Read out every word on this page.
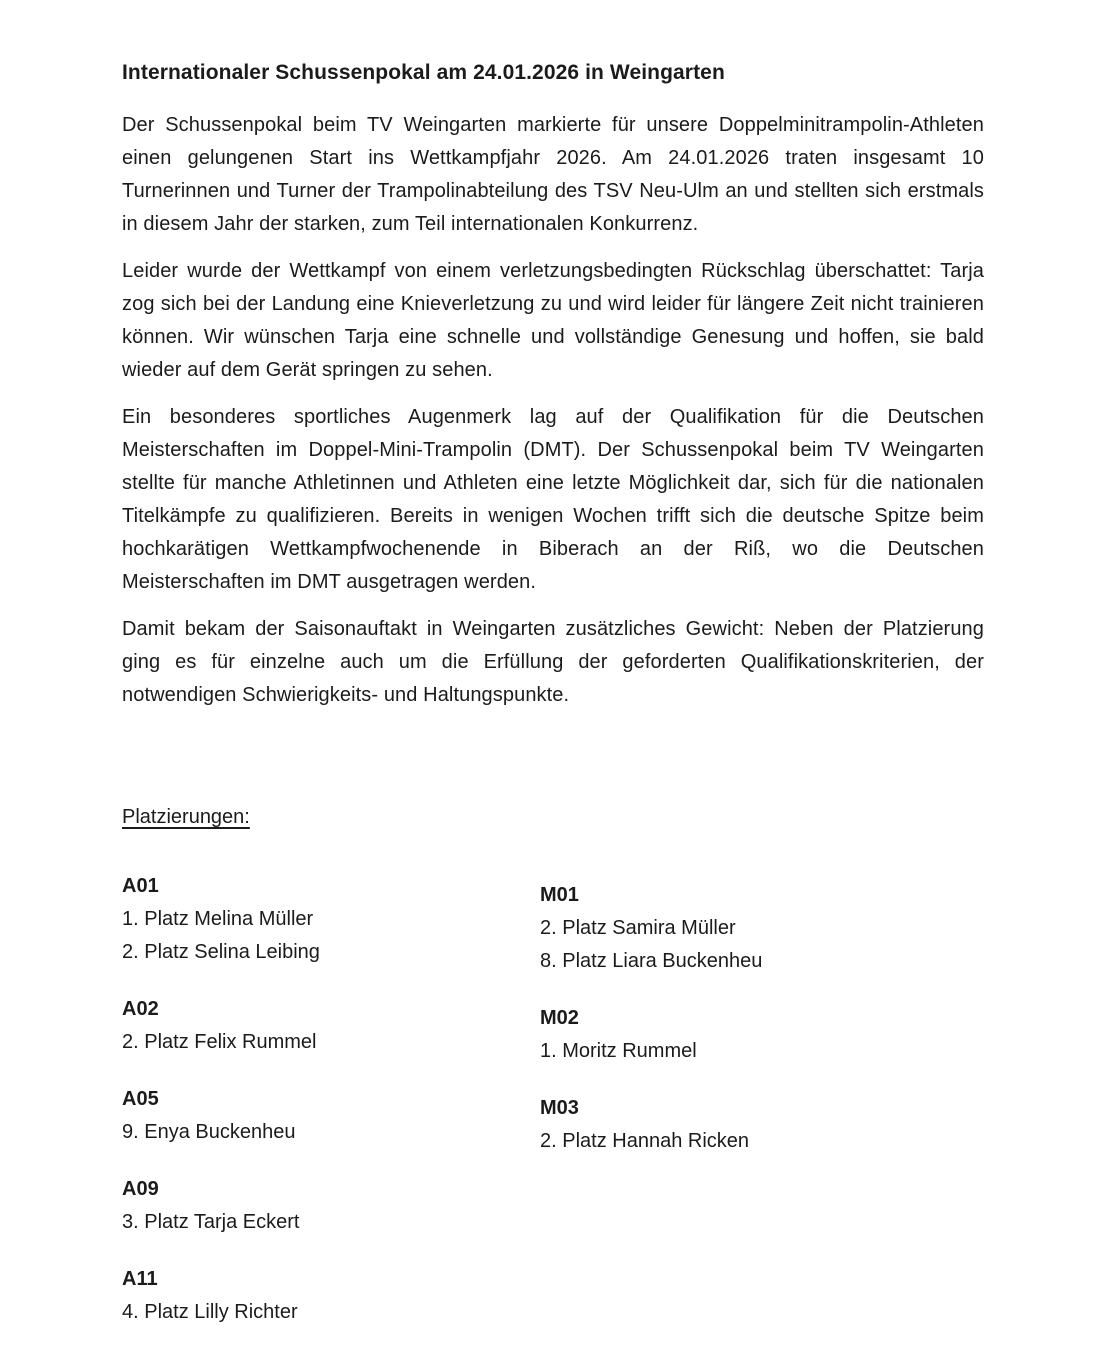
Internationaler Schussenpokal am 24.01.2026 in Weingarten

Der Schussenpokal beim TV Weingarten markierte für unsere Doppelminitrampolin-Athleten einen gelungenen Start ins Wettkampfjahr 2026. Am 24.01.2026 traten insgesamt 10 Turnerinnen und Turner der Trampolinabteilung des TSV Neu-Ulm an und stellten sich erstmals in diesem Jahr der starken, zum Teil internationalen Konkurrenz.

Leider wurde der Wettkampf von einem verletzungsbedingten Rückschlag überschattet: Tarja zog sich bei der Landung eine Knieverletzung zu und wird leider für längere Zeit nicht trainieren können. Wir wünschen Tarja eine schnelle und vollständige Genesung und hoffen, sie bald wieder auf dem Gerät springen zu sehen.

Ein besonderes sportliches Augenmerk lag auf der Qualifikation für die Deutschen Meisterschaften im Doppel-Mini-Trampolin (DMT). Der Schussenpokal beim TV Weingarten stellte für manche Athletinnen und Athleten eine letzte Möglichkeit dar, sich für die nationalen Titelkämpfe zu qualifizieren. Bereits in wenigen Wochen trifft sich die deutsche Spitze beim hochkarätigen Wettkampfwochenende in Biberach an der Riß, wo die Deutschen Meisterschaften im DMT ausgetragen werden.

Damit bekam der Saisonauftakt in Weingarten zusätzliches Gewicht: Neben der Platzierung ging es für einzelne auch um die Erfüllung der geforderten Qualifikationskriterien, der notwendigen Schwierigkeits- und Haltungspunkte.

Platzierungen:
A01
1. Platz Melina Müller
2. Platz Selina Leibing
A02
2. Platz Felix Rummel
A05
9. Enya Buckenheu
A09
3. Platz Tarja Eckert
A11
4. Platz Lilly Richter
M01
2. Platz Samira Müller
8. Platz Liara Buckenheu
M02
1. Moritz Rummel
M03
2. Platz Hannah Ricken
